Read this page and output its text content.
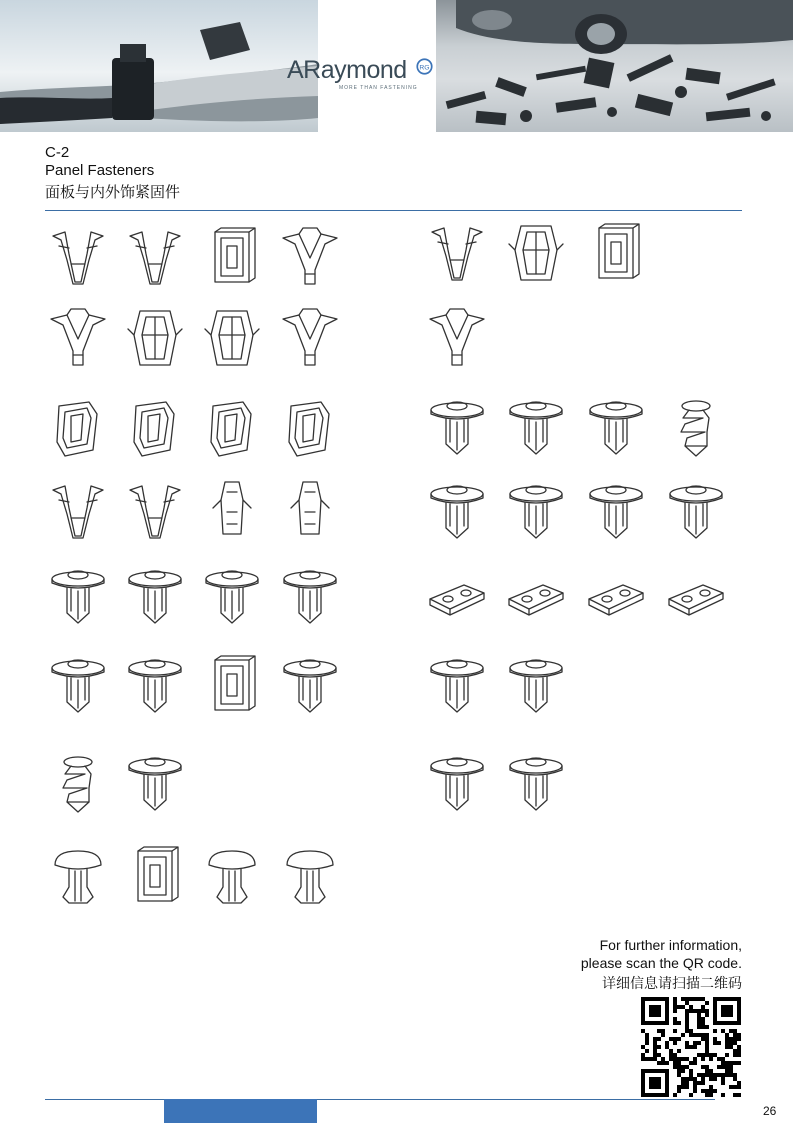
ARaymond RG
MORE THAN FASTENING
C-2
Panel Fasteners
面板与内外饰紧固件
For further information,
please scan the QR code.
详细信息请扫描二维码
26
